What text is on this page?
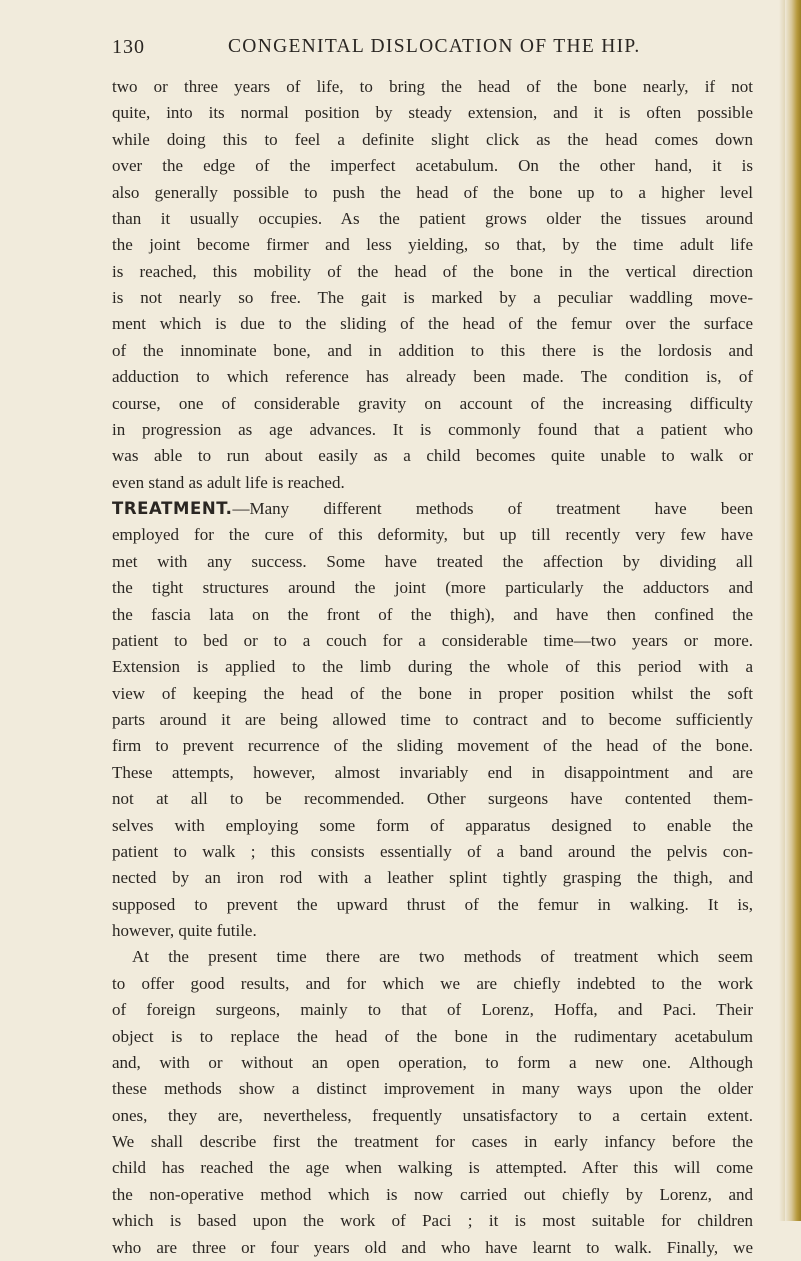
130	CONGENITAL DISLOCATION OF THE HIP.
two or three years of life, to bring the head of the bone nearly, if not
quite, into its normal position by steady extension, and it is often possible
while doing this to feel a definite slight click as the head comes down
over the edge of the imperfect acetabulum. On the other hand, it is
also generally possible to push the head of the bone up to a higher level
than it usually occupies. As the patient grows older the tissues around
the joint become firmer and less yielding, so that, by the time adult life
is reached, this mobility of the head of the bone in the vertical direction
is not nearly so free. The gait is marked by a peculiar waddling move-
ment which is due to the sliding of the head of the femur over the surface
of the innominate bone, and in addition to this there is the lordosis and
adduction to which reference has already been made. The condition is, of
course, one of considerable gravity on account of the increasing difficulty
in progression as age advances. It is commonly found that a patient who
was able to run about easily as a child becomes quite unable to walk or
even stand as adult life is reached.
TREATMENT.—Many different methods of treatment have been
employed for the cure of this deformity, but up till recently very few have
met with any success. Some have treated the affection by dividing all
the tight structures around the joint (more particularly the adductors and
the fascia lata on the front of the thigh), and have then confined the
patient to bed or to a couch for a considerable time—two years or more.
Extension is applied to the limb during the whole of this period with a
view of keeping the head of the bone in proper position whilst the soft
parts around it are being allowed time to contract and to become sufficiently
firm to prevent recurrence of the sliding movement of the head of the bone.
These attempts, however, almost invariably end in disappointment and are
not at all to be recommended. Other surgeons have contented them-
selves with employing some form of apparatus designed to enable the
patient to walk ; this consists essentially of a band around the pelvis con-
nected by an iron rod with a leather splint tightly grasping the thigh, and
supposed to prevent the upward thrust of the femur in walking. It is,
however, quite futile.
At the present time there are two methods of treatment which seem
to offer good results, and for which we are chiefly indebted to the work
of foreign surgeons, mainly to that of Lorenz, Hoffa, and Paci. Their
object is to replace the head of the bone in the rudimentary acetabulum
and, with or without an open operation, to form a new one. Although
these methods show a distinct improvement in many ways upon the older
ones, they are, nevertheless, frequently unsatisfactory to a certain extent.
We shall describe first the treatment for cases in early infancy before the
child has reached the age when walking is attempted. After this will come
the non-operative method which is now carried out chiefly by Lorenz, and
which is based upon the work of Paci ; it is most suitable for children
who are three or four years old and who have learnt to walk. Finally, we
